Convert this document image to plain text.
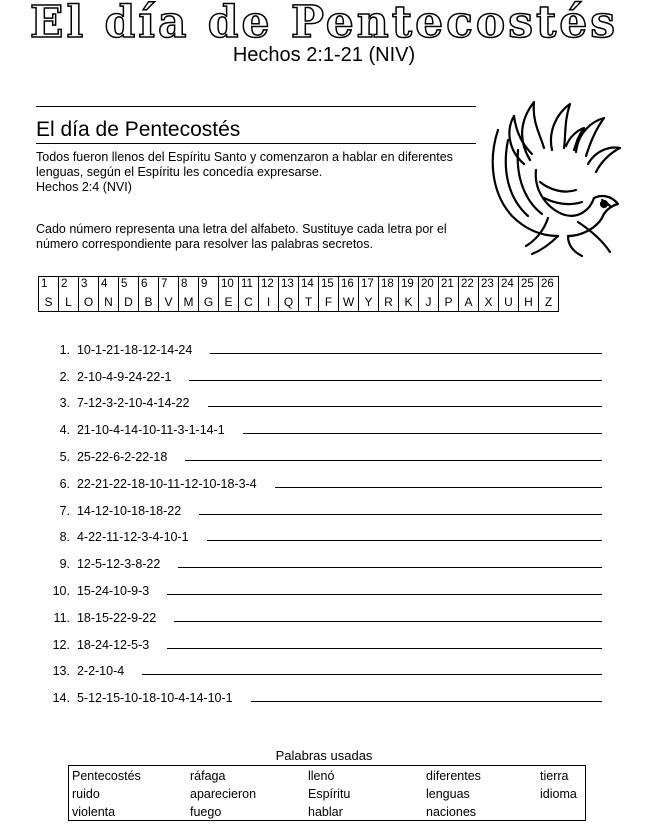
El día de Pentecostés
Hechos 2:1-21 (NIV)
El día de Pentecostés
Todos fueron llenos del Espíritu Santo y comenzaron a hablar en diferentes lenguas, según el Espíritu les concedía expresarse.
Hechos 2:4 (NVI)
Cado número representa una letra del alfabeto. Sustituye cada letra por el número correspondiente para resolver las palabras secretos.
1	2	3	4	5	6	7	8	9	10	11	12	13	14	15	16	17	18	19	20	21	22	23	24	25	26

S	L	O	N	D	B	V	M	G	E	C	I	Q	T	F	W	Y	R	K	J	P	A	X	U	H	Z
1.
10-1-21-18-12-14-24
2.
2-10-4-9-24-22-1
3.
7-12-3-2-10-4-14-22
4.
21-10-4-14-10-11-3-1-14-1
5.
25-22-6-2-22-18
6.
22-21-22-18-10-11-12-10-18-3-4
7.
14-12-10-18-18-22
8.
4-22-11-12-3-4-10-1
9.
12-5-12-3-8-22
10.
15-24-10-9-3
11.
18-15-22-9-22
12.
18-24-12-5-3
13.
2-2-10-4
14.
5-12-15-10-18-10-4-14-10-1
Palabras usadas
Pentecostés	ráfaga	llenó	diferentes	tierra
ruido	aparecieron	Espíritu	lenguas	idioma
violenta	fuego	hablar	naciones
